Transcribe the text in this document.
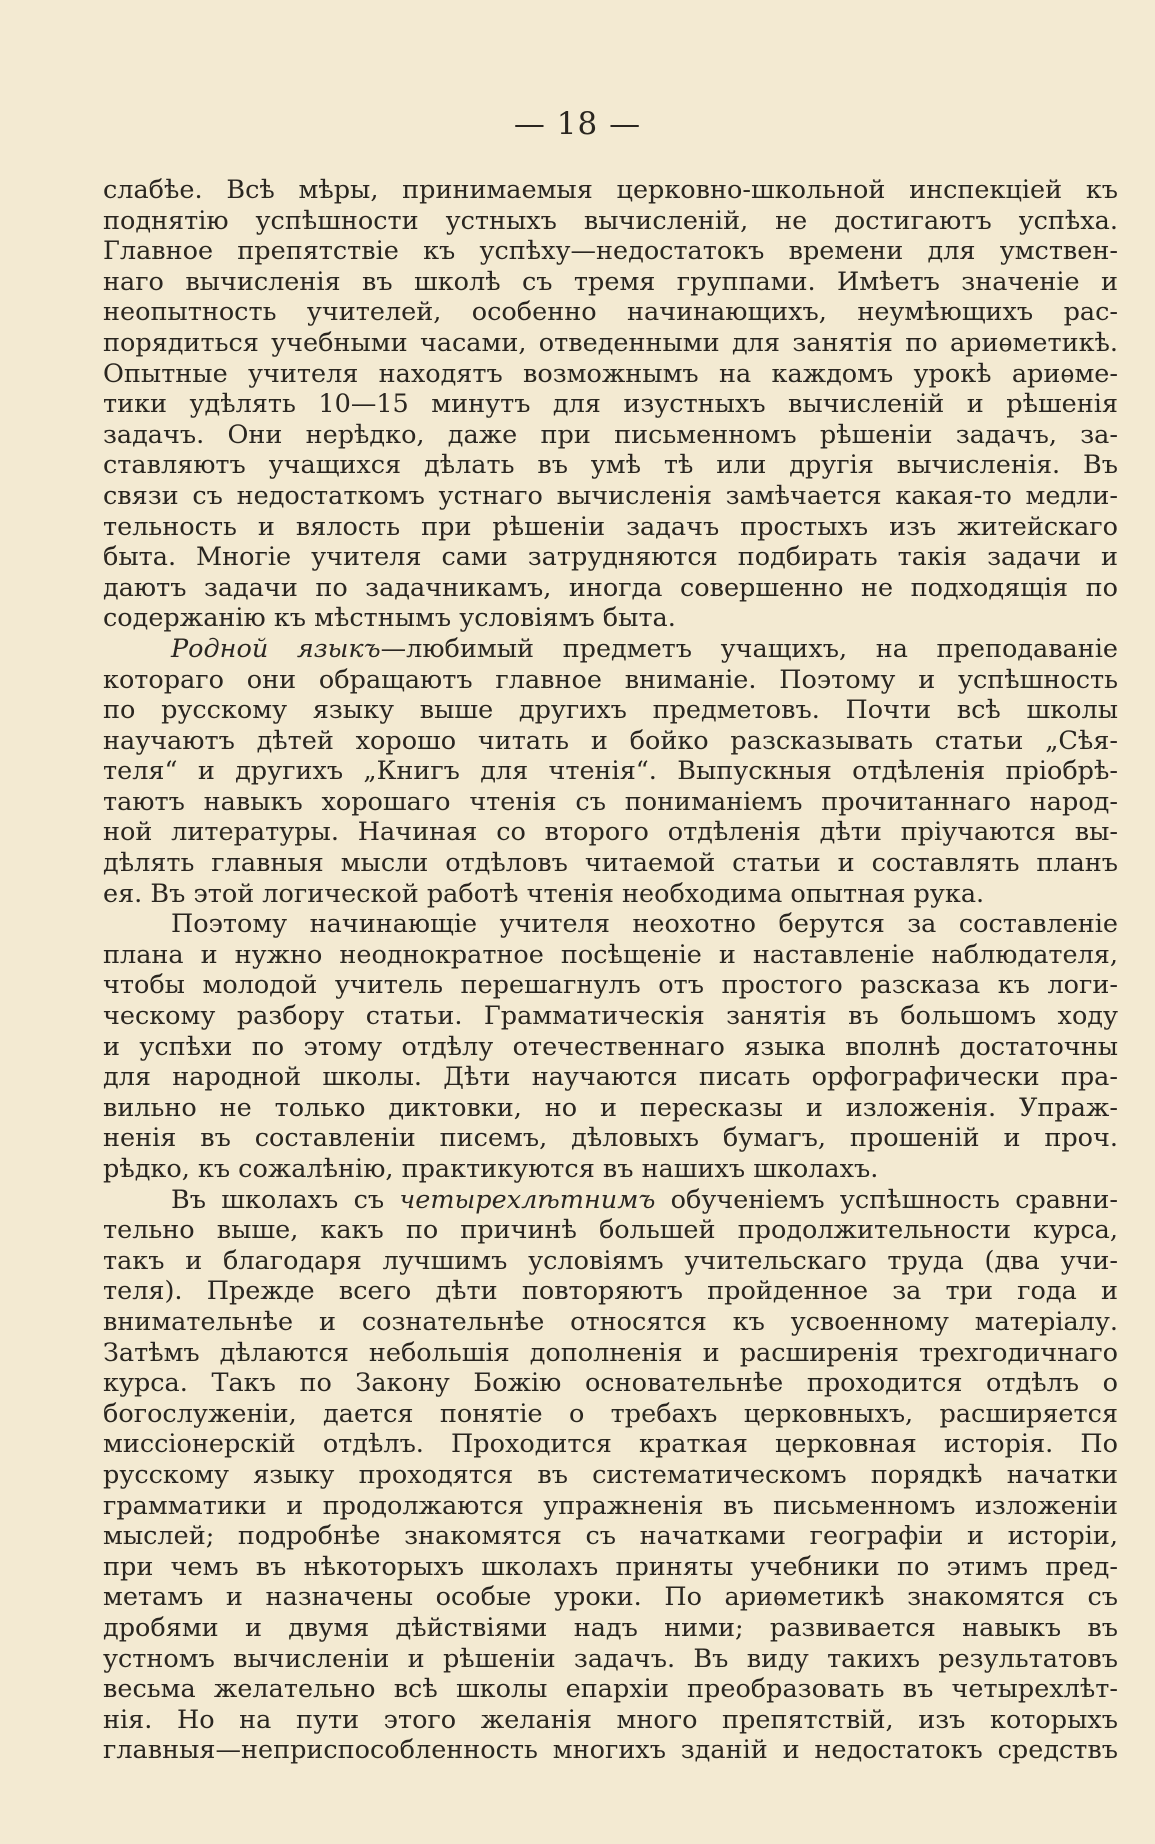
— 18 —
слабѣе. Всѣ мѣры, принимаемыя церковно-школьной инспекціей къ
поднятію успѣшности устныхъ вычисленій, не достигаютъ успѣха.
Главное препятствіе къ успѣху—недостатокъ времени для умствен-
наго вычисленія въ школѣ съ тремя группами. Имѣетъ значеніе и
неопытность учителей, особенно начинающихъ, неумѣющихъ рас-
порядиться учебными часами, отведенными для занятія по ариѳметикѣ.
Опытные учителя находятъ возможнымъ на каждомъ урокѣ ариѳме-
тики удѣлять 10—15 минутъ для изустныхъ вычисленій и рѣшенія
задачъ. Они нерѣдко, даже при письменномъ рѣшеніи задачъ, за-
ставляютъ учащихся дѣлать въ умѣ тѣ или другія вычисленія. Въ
связи съ недостаткомъ устнаго вычисленія замѣчается какая-то медли-
тельность и вялость при рѣшеніи задачъ простыхъ изъ житейскаго
быта. Многіе учителя сами затрудняются подбирать такія задачи и
даютъ задачи по задачникамъ, иногда совершенно не подходящія по
содержанію къ мѣстнымъ условіямъ быта.
Родной языкъ—любимый предметъ учащихъ, на преподаваніе
котораго они обращаютъ главное вниманіе. Поэтому и успѣшность
по русскому языку выше другихъ предметовъ. Почти всѣ школы
научаютъ дѣтей хорошо читать и бойко разсказывать статьи „Сѣя-
теля“ и другихъ „Книгъ для чтенія“. Выпускныя отдѣленія пріобрѣ-
таютъ навыкъ хорошаго чтенія съ пониманіемъ прочитаннаго народ-
ной литературы. Начиная со второго отдѣленія дѣти пріучаются вы-
дѣлять главныя мысли отдѣловъ читаемой статьи и составлять планъ
ея. Въ этой логической работѣ чтенія необходима опытная рука.
Поэтому начинающіе учителя неохотно берутся за составленіе
плана и нужно неоднократное посѣщеніе и наставленіе наблюдателя,
чтобы молодой учитель перешагнулъ отъ простого разсказа къ логи-
ческому разбору статьи. Грамматическія занятія въ большомъ ходу
и успѣхи по этому отдѣлу отечественнаго языка вполнѣ достаточны
для народной школы. Дѣти научаются писать орфографически пра-
вильно не только диктовки, но и пересказы и изложенія. Упраж-
ненія въ составленіи писемъ, дѣловыхъ бумагъ, прошеній и проч.
рѣдко, къ сожалѣнію, практикуются въ нашихъ школахъ.
Въ школахъ съ четырехлѣтнимъ обученіемъ успѣшность сравни-
тельно выше, какъ по причинѣ большей продолжительности курса,
такъ и благодаря лучшимъ условіямъ учительскаго труда (два учи-
теля). Прежде всего дѣти повторяютъ пройденное за три года и
внимательнѣе и сознательнѣе относятся къ усвоенному матеріалу.
Затѣмъ дѣлаются небольшія дополненія и расширенія трехгодичнаго
курса. Такъ по Закону Божію основательнѣе проходится отдѣлъ о
богослуженіи, дается понятіе о требахъ церковныхъ, расширяется
миссіонерскій отдѣлъ. Проходится краткая церковная исторія. По
русскому языку проходятся въ систематическомъ порядкѣ начатки
грамматики и продолжаются упражненія въ письменномъ изложеніи
мыслей; подробнѣе знакомятся съ начатками географіи и исторіи,
при чемъ въ нѣкоторыхъ школахъ приняты учебники по этимъ пред-
метамъ и назначены особые уроки. По ариѳметикѣ знакомятся съ
дробями и двумя дѣйствіями надъ ними; развивается навыкъ въ
устномъ вычисленіи и рѣшеніи задачъ. Въ виду такихъ результатовъ
весьма желательно всѣ школы епархіи преобразовать въ четырехлѣт-
нія. Но на пути этого желанія много препятствій, изъ которыхъ
главныя—неприспособленность многихъ зданій и недостатокъ средствъ
